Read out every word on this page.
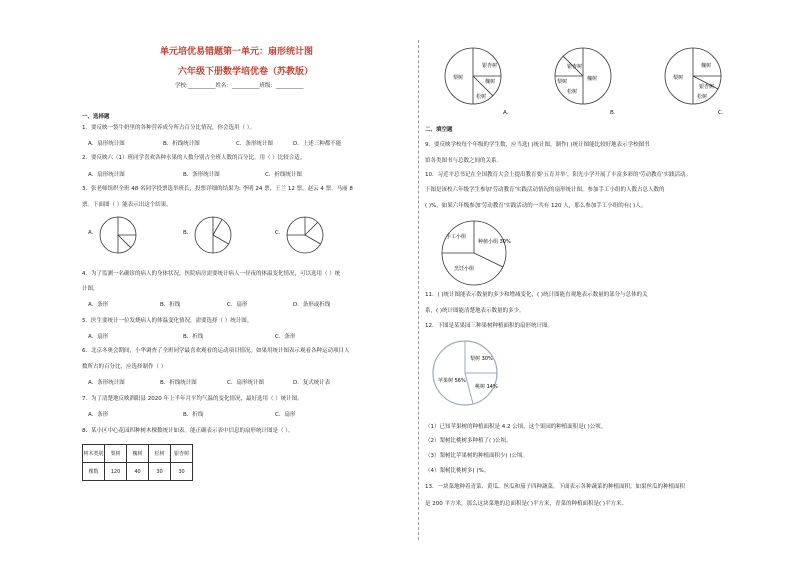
单元培优易错题第一单元：扇形统计图
六年级下册数学培优卷（苏教版）
学校:__________姓名：__________班级：__________
一、选择题
1．要反映一袋牛奶里的各种营养成分所占百分比情况，你会选用（ ）。
A．扇形统计图	B．折线统计图	C．条形统计图	D．上述三种都不能
2．要反映六（1）班同学喜欢各种水果的人数分别占全班人数的百分比，用（ ）比较合适。
A．扇形统计图	B．条形统计图	C．折线统计图
3．张老师组织全班 48 名同学投票选举班长，投票详细的结果为: 李明 24 票，王兰 12 票，赵云 4 票，马丽 8
票。下面图（ ）能表示出这个结果。
A．	B．	C．
4．为了监测一名确诊的病人的身体状况，医院病房需要统计病人一昼夜的体温变化情况，可以选用（ ）统
计图。
A．条形	B．折线	C．扇形	D．条形或折线
5．医生要统计一位发烧病人的体温变化情况，需要选择（ ）统计图。
A．扇形	B．折线	C．条形
6．北京冬奥会期间，小华调查了全班同学最喜欢观看的运动项目情况。如果用统计图表示观看各种运动项目人
数所占的百分比，应选择制作（ ）
A．条形统计图	B．折线统计图	C．扇形统计图	D．复式统计表
7．为了清楚地反映泗阳县 2020 年上半年月平均气温的变化情况，最好选用（ ）统计图。
A．条形	B．折线	C．扇形
8．某小区中心花园四种树木棵数统计如表。能正确表示表中信息的扇形统计图是（ ）。
树木类别	梨树	槐树	松树	银杏树
棵数	120	40	30	30
银杏树
槐树
松树
梨树
A．
银杏树
槐树
松树
梨树
B．
槐树
银杏树
松树
梨树
C．
二、填空题
9．要反映学校每个年级的学生数，应当选( )统计图，制作( )统计图能比较好地表示学校图书
馆各类图书与总数之间的关系。
10．习近平总书记在全国教育大会上提出教育要'五育并举'，阳光小学开展了丰富多彩的'劳动教育'实践活动。
下图是该校六年级学生参加'劳动教育'实践活动情况的扇形统计图。参加手工小组的人数占总人数的
( )%，如果六年级参加'劳动教育'实践活动的一共有 120 人，那么参加手工小组的有( )人。
手工小组
种植小组 30%
烹饪小组
11．( )统计图能表示数量的多少和增减变化，( )统计图能直观地表示数量的部分与总体的关
系，( )统计图能清楚地表示数量的多少。
12．下图是某果园三种果树种植面积的扇形统计图。
梨树 30%
苹果树 56%
桃树 14%
（1）已知苹果树的种植面积是 4.2 公顷，这个果园的种植面积是( )公顷。
（2）梨树比桃树多种植了( )公顷。
（3）梨树比苹果树的种植面积少( )公顷。
（4）梨树比桃树多( )%。
13．一块菜地种着青菜、黄瓜、丝瓜和茄子四种蔬菜，下面表示各种蔬菜的种植面积。如果丝瓜的种植面积
是 200 平方米，那么这块菜地的总面积是( )平方米，青菜的种植面积是( )平方米。
